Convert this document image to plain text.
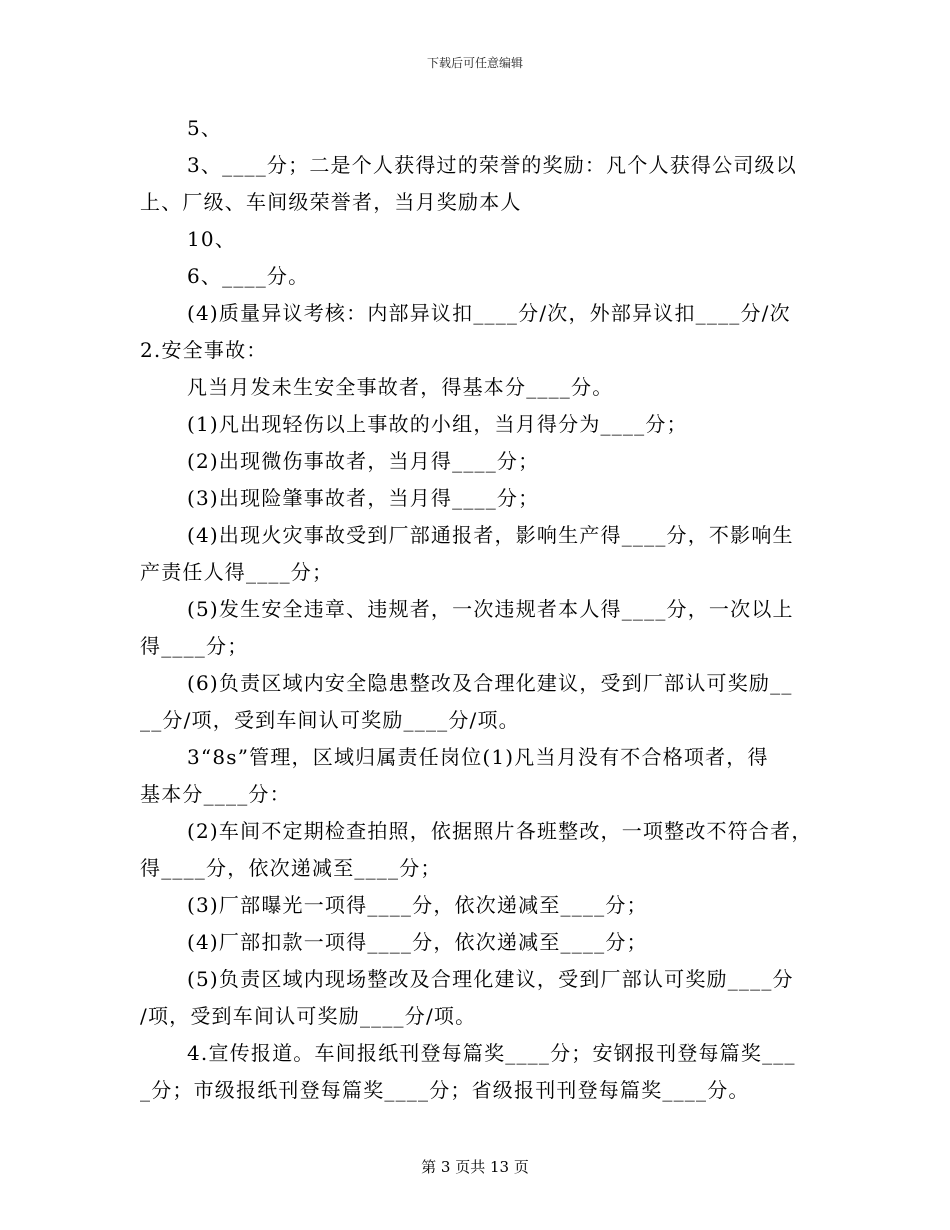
下载后可任意编辑

5、

3、____分；二是个人获得过的荣誉的奖励：凡个人获得公司级以

上、厂级、车间级荣誉者，当月奖励本人

10、

6、____分。

(4)质量异议考核：内部异议扣____分/次，外部异议扣____分/次

2.安全事故：

凡当月发未生安全事故者，得基本分____分。

(1)凡出现轻伤以上事故的小组，当月得分为____分；

(2)出现微伤事故者，当月得____分；

(3)出现险肇事故者，当月得____分；

(4)出现火灾事故受到厂部通报者，影响生产得____分，不影响生

产责任人得____分；

(5)发生安全违章、违规者，一次违规者本人得____分，一次以上

得____分；

(6)负责区域内安全隐患整改及合理化建议，受到厂部认可奖励__

__分/项，受到车间认可奖励____分/项。

3“8s”管理，区域归属责任岗位(1)凡当月没有不合格项者，得

基本分____分：

(2)车间不定期检查拍照，依据照片各班整改，一项整改不符合者，

得____分，依次递减至____分；

(3)厂部曝光一项得____分，依次递减至____分；

(4)厂部扣款一项得____分，依次递减至____分；

(5)负责区域内现场整改及合理化建议，受到厂部认可奖励____分

/项，受到车间认可奖励____分/项。

4.宣传报道。车间报纸刊登每篇奖____分；安钢报刊登每篇奖___

_分；市级报纸刊登每篇奖____分；省级报刊刊登每篇奖____分。

第 3 页共 13 页
